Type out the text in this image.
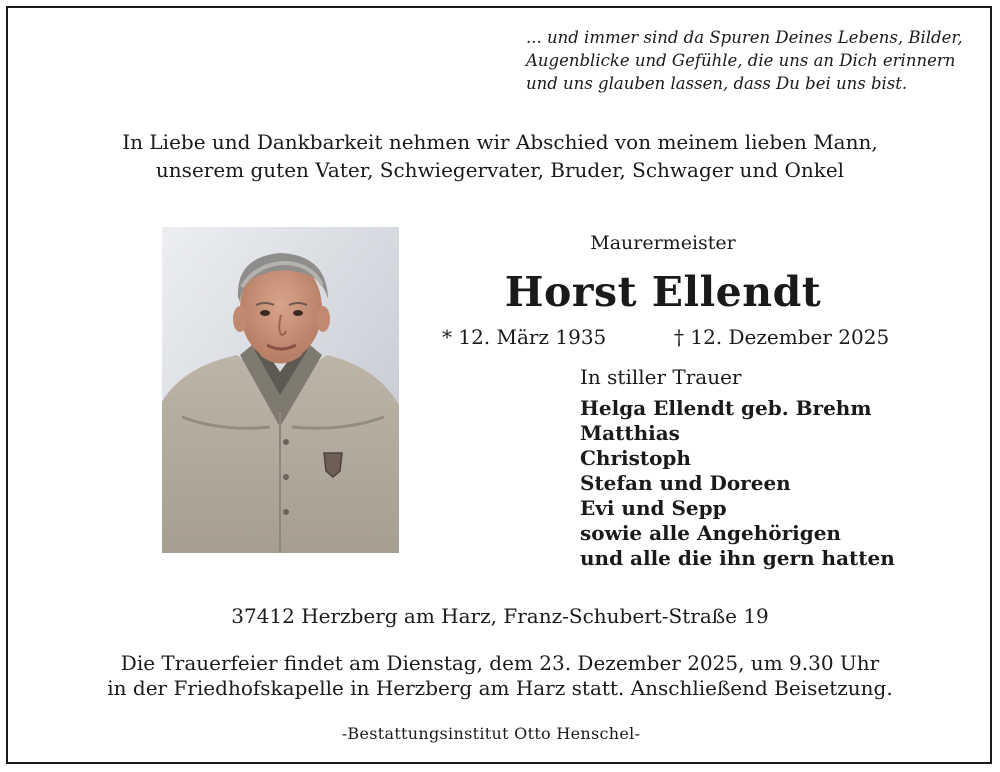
... und immer sind da Spuren Deines Lebens, Bilder,
Augenblicke und Gefühle, die uns an Dich erinnern
und uns glauben lassen, dass Du bei uns bist.
In Liebe und Dankbarkeit nehmen wir Abschied von meinem lieben Mann,
unserem guten Vater, Schwiegervater, Bruder, Schwager und Onkel
Maurermeister
Horst Ellendt
* 12. März 1935	† 12. Dezember 2025
In stiller Trauer
Helga Ellendt geb. Brehm
Matthias
Christoph
Stefan und Doreen
Evi und Sepp
sowie alle Angehörigen
und alle die ihn gern hatten
37412 Herzberg am Harz, Franz-Schubert-Straße 19
Die Trauerfeier findet am Dienstag, dem 23. Dezember 2025, um 9.30 Uhr
in der Friedhofskapelle in Herzberg am Harz statt. Anschließend Beisetzung.
-Bestattungsinstitut Otto Henschel-
